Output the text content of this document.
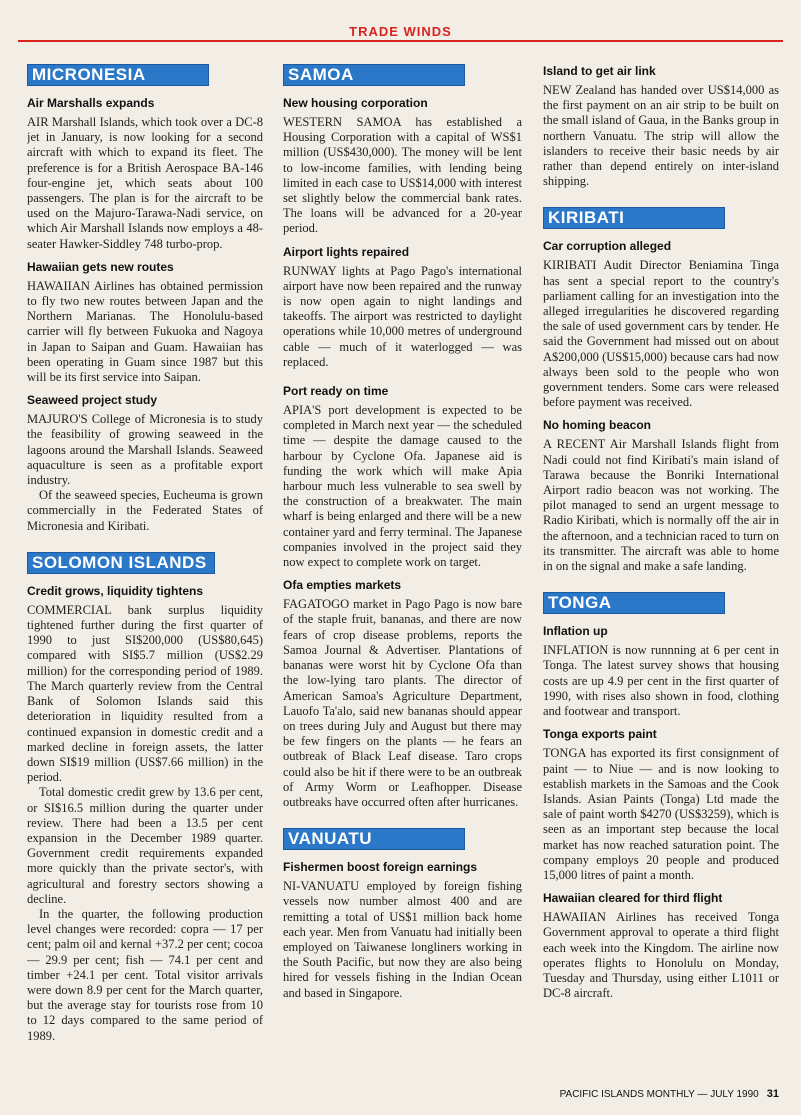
TRADE WINDS
MICRONESIA
Air Marshalls expands

AIR Marshall Islands, which took over a DC-8 jet in January, is now looking for a second aircraft with which to expand its fleet. The preference is for a British Aerospace BA-146 four-engine jet, which seats about 100 passengers. The plan is for the aircraft to be used on the Majuro-Tarawa-Nadi service, on which Air Marshall Islands now employs a 48-seater Hawker-Siddley 748 turbo-prop.

Hawaiian gets new routes

HAWAIIAN Airlines has obtained permission to fly two new routes between Japan and the Northern Marianas. The Honolulu-based carrier will fly between Fukuoka and Nagoya in Japan to Saipan and Guam. Hawaiian has been operating in Guam since 1987 but this will be its first service into Saipan.

Seaweed project study

MAJURO'S College of Micronesia is to study the feasibility of growing seaweed in the lagoons around the Marshall Islands. Seaweed aquaculture is seen as a profitable export industry.

Of the seaweed species, Eucheuma is grown commercially in the Federated States of Micronesia and Kiribati.

SOLOMON ISLANDS
Credit grows, liquidity tightens

COMMERCIAL bank surplus liquidity tightened further during the first quarter of 1990 to just SI$200,000 (US$80,645) compared with SI$5.7 million (US$2.29 million) for the corresponding period of 1989. The March quarterly review from the Central Bank of Solomon Islands said this deterioration in liquidity resulted from a continued expansion in domestic credit and a marked decline in foreign assets, the latter down SI$19 million (US$7.66 million) in the period.

Total domestic credit grew by 13.6 per cent, or SI$16.5 million during the quarter under review. There had been a 13.5 per cent expansion in the December 1989 quarter. Government credit requirements expanded more quickly than the private sector's, with agricultural and forestry sectors showing a decline.

In the quarter, the following production level changes were recorded: copra — 17 per cent; palm oil and kernal +37.2 per cent; cocoa — 29.9 per cent; fish — 74.1 per cent and timber +24.1 per cent. Total visitor arrivals were down 8.9 per cent for the March quarter, but the average stay for tourists rose from 10 to 12 days compared to the same period of 1989.

SAMOA
New housing corporation

WESTERN SAMOA has established a Housing Corporation with a capital of WS$1 million (US$430,000). The money will be lent to low-income families, with lending being limited in each case to US$14,000 with interest set slightly below the commercial bank rates. The loans will be advanced for a 20-year period.

Airport lights repaired

RUNWAY lights at Pago Pago's international airport have now been repaired and the runway is now open again to night landings and takeoffs. The airport was restricted to daylight operations while 10,000 metres of underground cable — much of it waterlogged — was replaced.

Port ready on time

APIA'S port development is expected to be completed in March next year — the scheduled time — despite the damage caused to the harbour by Cyclone Ofa. Japanese aid is funding the work which will make Apia harbour much less vulnerable to sea swell by the construction of a breakwater. The main wharf is being enlarged and there will be a new container yard and ferry terminal. The Japanese companies involved in the project said they now expect to complete work on target.

Ofa empties markets

FAGATOGO market in Pago Pago is now bare of the staple fruit, bananas, and there are now fears of crop disease problems, reports the Samoa Journal & Advertiser. Plantations of bananas were worst hit by Cyclone Ofa than the low-lying taro plants. The director of American Samoa's Agriculture Department, Lauofo Ta'alo, said new bananas should appear on trees during July and August but there may be few fingers on the plants — he fears an outbreak of Black Leaf disease. Taro crops could also be hit if there were to be an outbreak of Army Worm or Leafhopper. Disease outbreaks have occurred often after hurricanes.

VANUATU
Fishermen boost foreign earnings

NI-VANUATU employed by foreign fishing vessels now number almost 400 and are remitting a total of US$1 million back home each year. Men from Vanuatu had initially been employed on Taiwanese longliners working in the South Pacific, but now they are also being hired for vessels fishing in the Indian Ocean and based in Singapore.

Island to get air link

NEW Zealand has handed over US$14,000 as the first payment on an air strip to be built on the small island of Gaua, in the Banks group in northern Vanuatu. The strip will allow the islanders to receive their basic needs by air rather than depend entirely on inter-island shipping.

KIRIBATI
Car corruption alleged

KIRIBATI Audit Director Beniamina Tinga has sent a special report to the country's parliament calling for an investigation into the alleged irregularities he discovered regarding the sale of used government cars by tender. He said the Government had missed out on about A$200,000 (US$15,000) because cars had now always been sold to the people who won government tenders. Some cars were released before payment was received.

No homing beacon

A RECENT Air Marshall Islands flight from Nadi could not find Kiribati's main island of Tarawa because the Bonriki International Airport radio beacon was not working. The pilot managed to send an urgent message to Radio Kiribati, which is normally off the air in the afternoon, and a technician raced to turn on its transmitter. The aircraft was able to home in on the signal and make a safe landing.

TONGA
Inflation up

INFLATION is now runnning at 6 per cent in Tonga. The latest survey shows that housing costs are up 4.9 per cent in the first quarter of 1990, with rises also shown in food, clothing and footwear and transport.

Tonga exports paint

TONGA has exported its first consignment of paint — to Niue — and is now looking to establish markets in the Samoas and the Cook Islands. Asian Paints (Tonga) Ltd made the sale of paint worth $4270 (US$3259), which is seen as an important step because the local market has now reached saturation point. The company employs 20 people and produced 15,000 litres of paint a month.

Hawaiian cleared for third flight

HAWAIIAN Airlines has received Tonga Government approval to operate a third flight each week into the Kingdom. The airline now operates flights to Honolulu on Monday, Tuesday and Thursday, using either L1011 or DC-8 aircraft.

PACIFIC ISLANDS MONTHLY — JULY 1990 31
